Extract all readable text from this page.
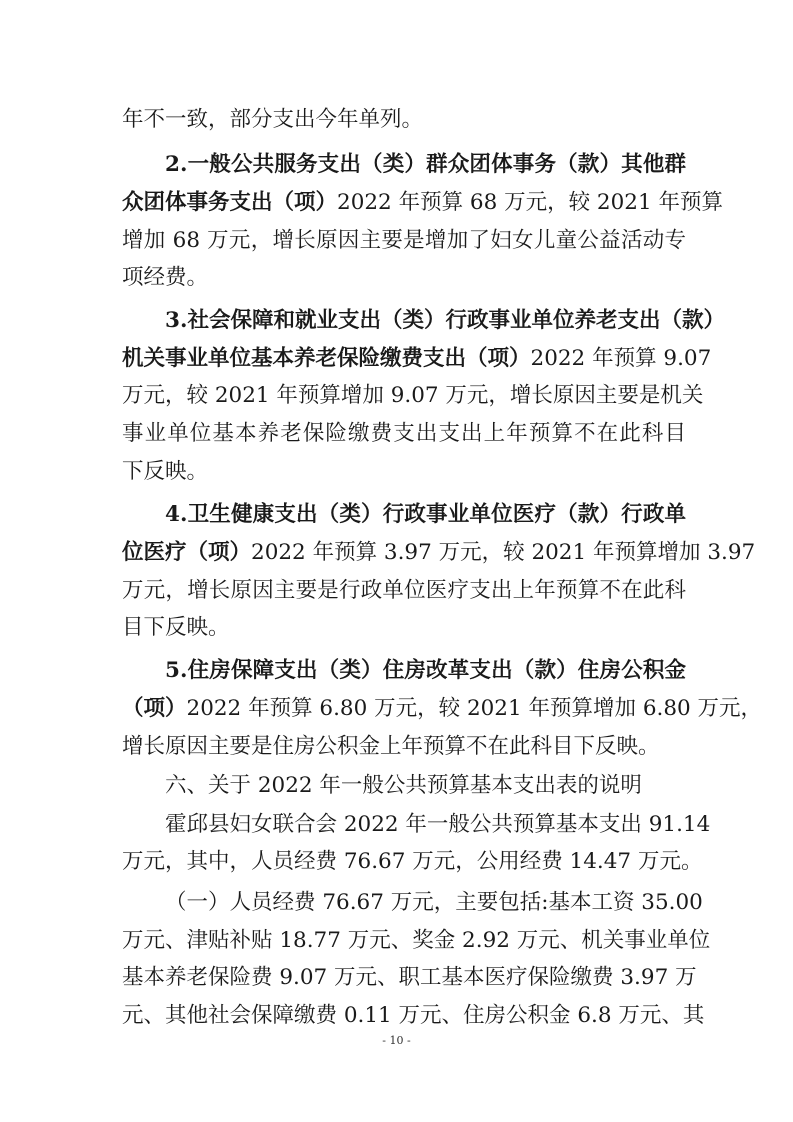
年不一致，部分支出今年单列。
2.一般公共服务支出（类）群众团体事务（款）其他群
众团体事务支出（项）2022 年预算 68 万元，较 2021 年预算
增加 68 万元，增长原因主要是增加了妇女儿童公益活动专
项经费。
3.社会保障和就业支出（类）行政事业单位养老支出（款）
机关事业单位基本养老保险缴费支出（项）2022 年预算 9.07
万元，较 2021 年预算增加 9.07 万元，增长原因主要是机关
事业单位基本养老保险缴费支出支出上年预算不在此科目
下反映。
4.卫生健康支出（类）行政事业单位医疗（款）行政单
位医疗（项）2022 年预算 3.97 万元，较 2021 年预算增加 3.97
万元，增长原因主要是行政单位医疗支出上年预算不在此科
目下反映。
5.住房保障支出（类）住房改革支出（款）住房公积金
（项）2022 年预算 6.80 万元，较 2021 年预算增加 6.80 万元，
增长原因主要是住房公积金上年预算不在此科目下反映。
六、关于 2022 年一般公共预算基本支出表的说明
霍邱县妇女联合会 2022 年一般公共预算基本支出 91.14
万元，其中，人员经费 76.67 万元，公用经费 14.47 万元。
（一）人员经费 76.67 万元，主要包括:基本工资 35.00
万元、津贴补贴 18.77 万元、奖金 2.92 万元、机关事业单位
基本养老保险费 9.07 万元、职工基本医疗保险缴费 3.97 万
元、其他社会保障缴费 0.11 万元、住房公积金 6.8 万元、其
- 10 -
